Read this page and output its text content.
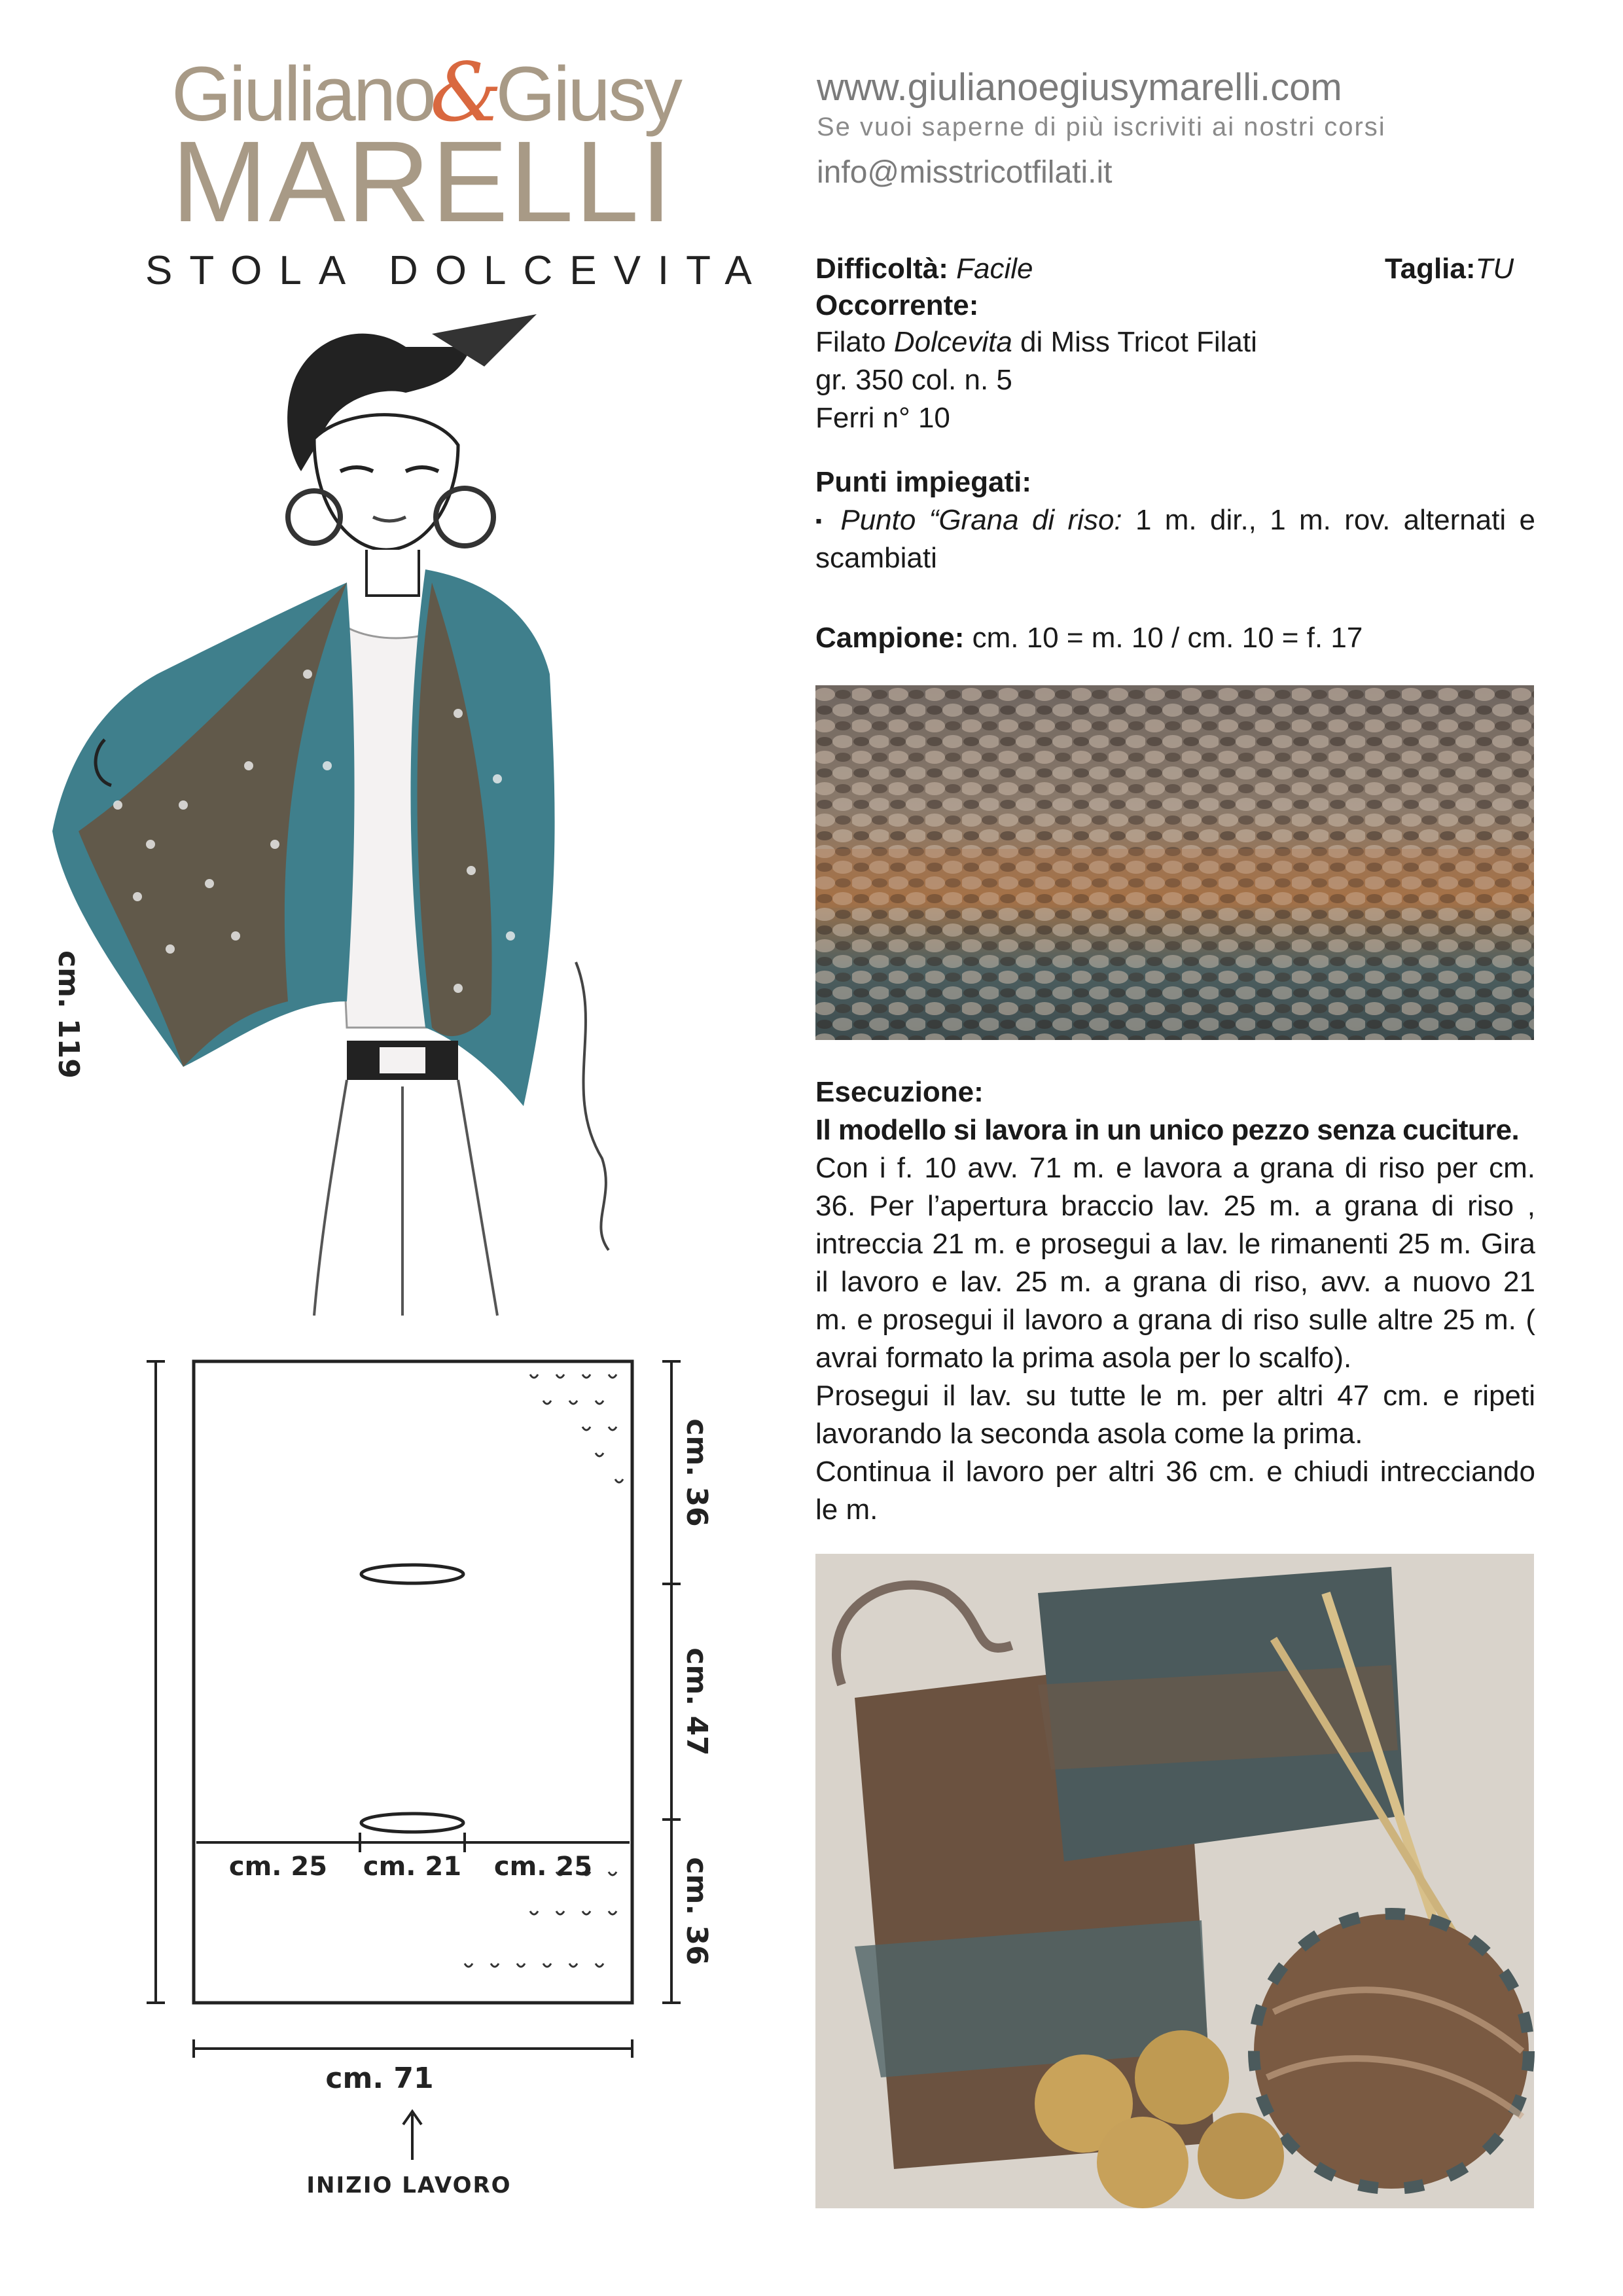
Giuliano&Giusy
MARELLI
STOLA DOLCEVITA
www.giulianoegiusymarelli.com
Se vuoi saperne di più iscriviti ai nostri corsi
info@misstricotfilati.it
Difficoltà: Facile	Taglia:TU
Occorrente:
Filato Dolcevita di Miss Tricot Filati
gr. 350 col. n. 5
Ferri n° 10
Punti impiegati:
▪ Punto “Grana di riso: 1 m. dir., 1 m. rov. alternati e
scambiati
Campione: cm. 10 = m. 10 / cm. 10 = f. 17
Esecuzione:
Il modello si lavora in un unico pezzo senza cuciture.
Con i f. 10 avv. 71 m. e lavora a grana di riso per cm.
36. Per l’apertura braccio lav. 25 m. a grana di riso ,
intreccia 21 m. e prosegui a lav. le rimanenti 25 m. Gira
il lavoro e lav. 25 m. a grana di riso, avv. a nuovo 21
m. e prosegui il lavoro a grana di riso sulle altre 25 m. (
avrai formato la prima asola per lo scalfo).
Prosegui il lav. su tutte le m. per altri 47 cm. e ripeti
lavorando la seconda asola come la prima.
Continua il lavoro per altri 36 cm. e chiudi intrecciando
le m.
cm. 119
cm. 36
cm. 47
cm. 36
cm. 25 cm. 21 cm. 25
cm. 71
INIZIO LAVORO
